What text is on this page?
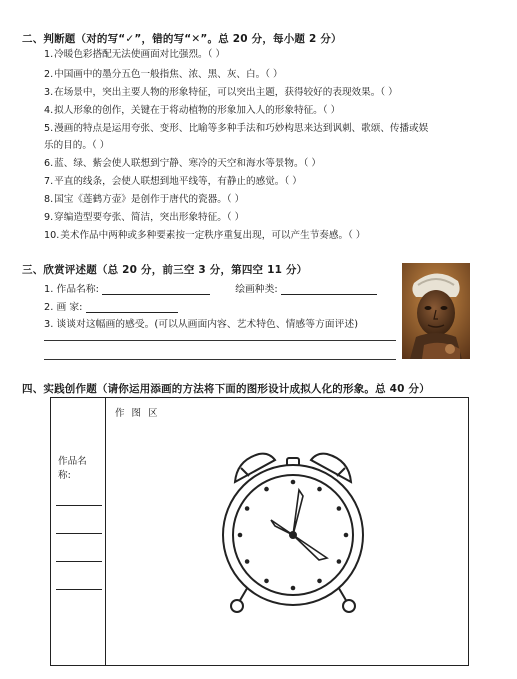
二、判断题（对的写“✓”，错的写“✕”。总 20 分，每小题 2 分）
1.冷暖色彩搭配无法使画面对比强烈。（ ）
2.中国画中的墨分五色一般指焦、浓、黑、灰、白。（ ）
3.在场景中，突出主要人物的形象特征，可以突出主题，获得较好的表现效果。（ ）
4.拟人形象的创作，关键在于将动植物的形象加入人的形象特征。（ ）
5.漫画的特点是运用夸张、变形、比喻等多种手法和巧妙构思来达到讽刺、歌颂、传播或娱
乐的目的。（ ）
6.蓝、绿、紫会使人联想到宁静、寒冷的天空和海水等景物。（ ）
7.平直的线条，会使人联想到地平线等，有静止的感觉。（ ）
8.国宝《莲鹤方壶》是创作于唐代的瓷器。（ ）
9.穿编造型要夸张、简洁，突出形象特征。（ ）
10.美术作品中两种或多种要素按一定秩序重复出现，可以产生节奏感。（ ）
三、欣赏评述题（总 20 分，前三空 3 分，第四空 11 分）
1. 作品名称:	绘画种类:
2. 画 家:
3. 谈谈对这幅画的感受。(可以从画面内容、艺术特色、情感等方面评述)
四、实践创作题（请你运用添画的方法将下面的图形设计成拟人化的形象。总 40 分）
作 图 区
作品名称:
